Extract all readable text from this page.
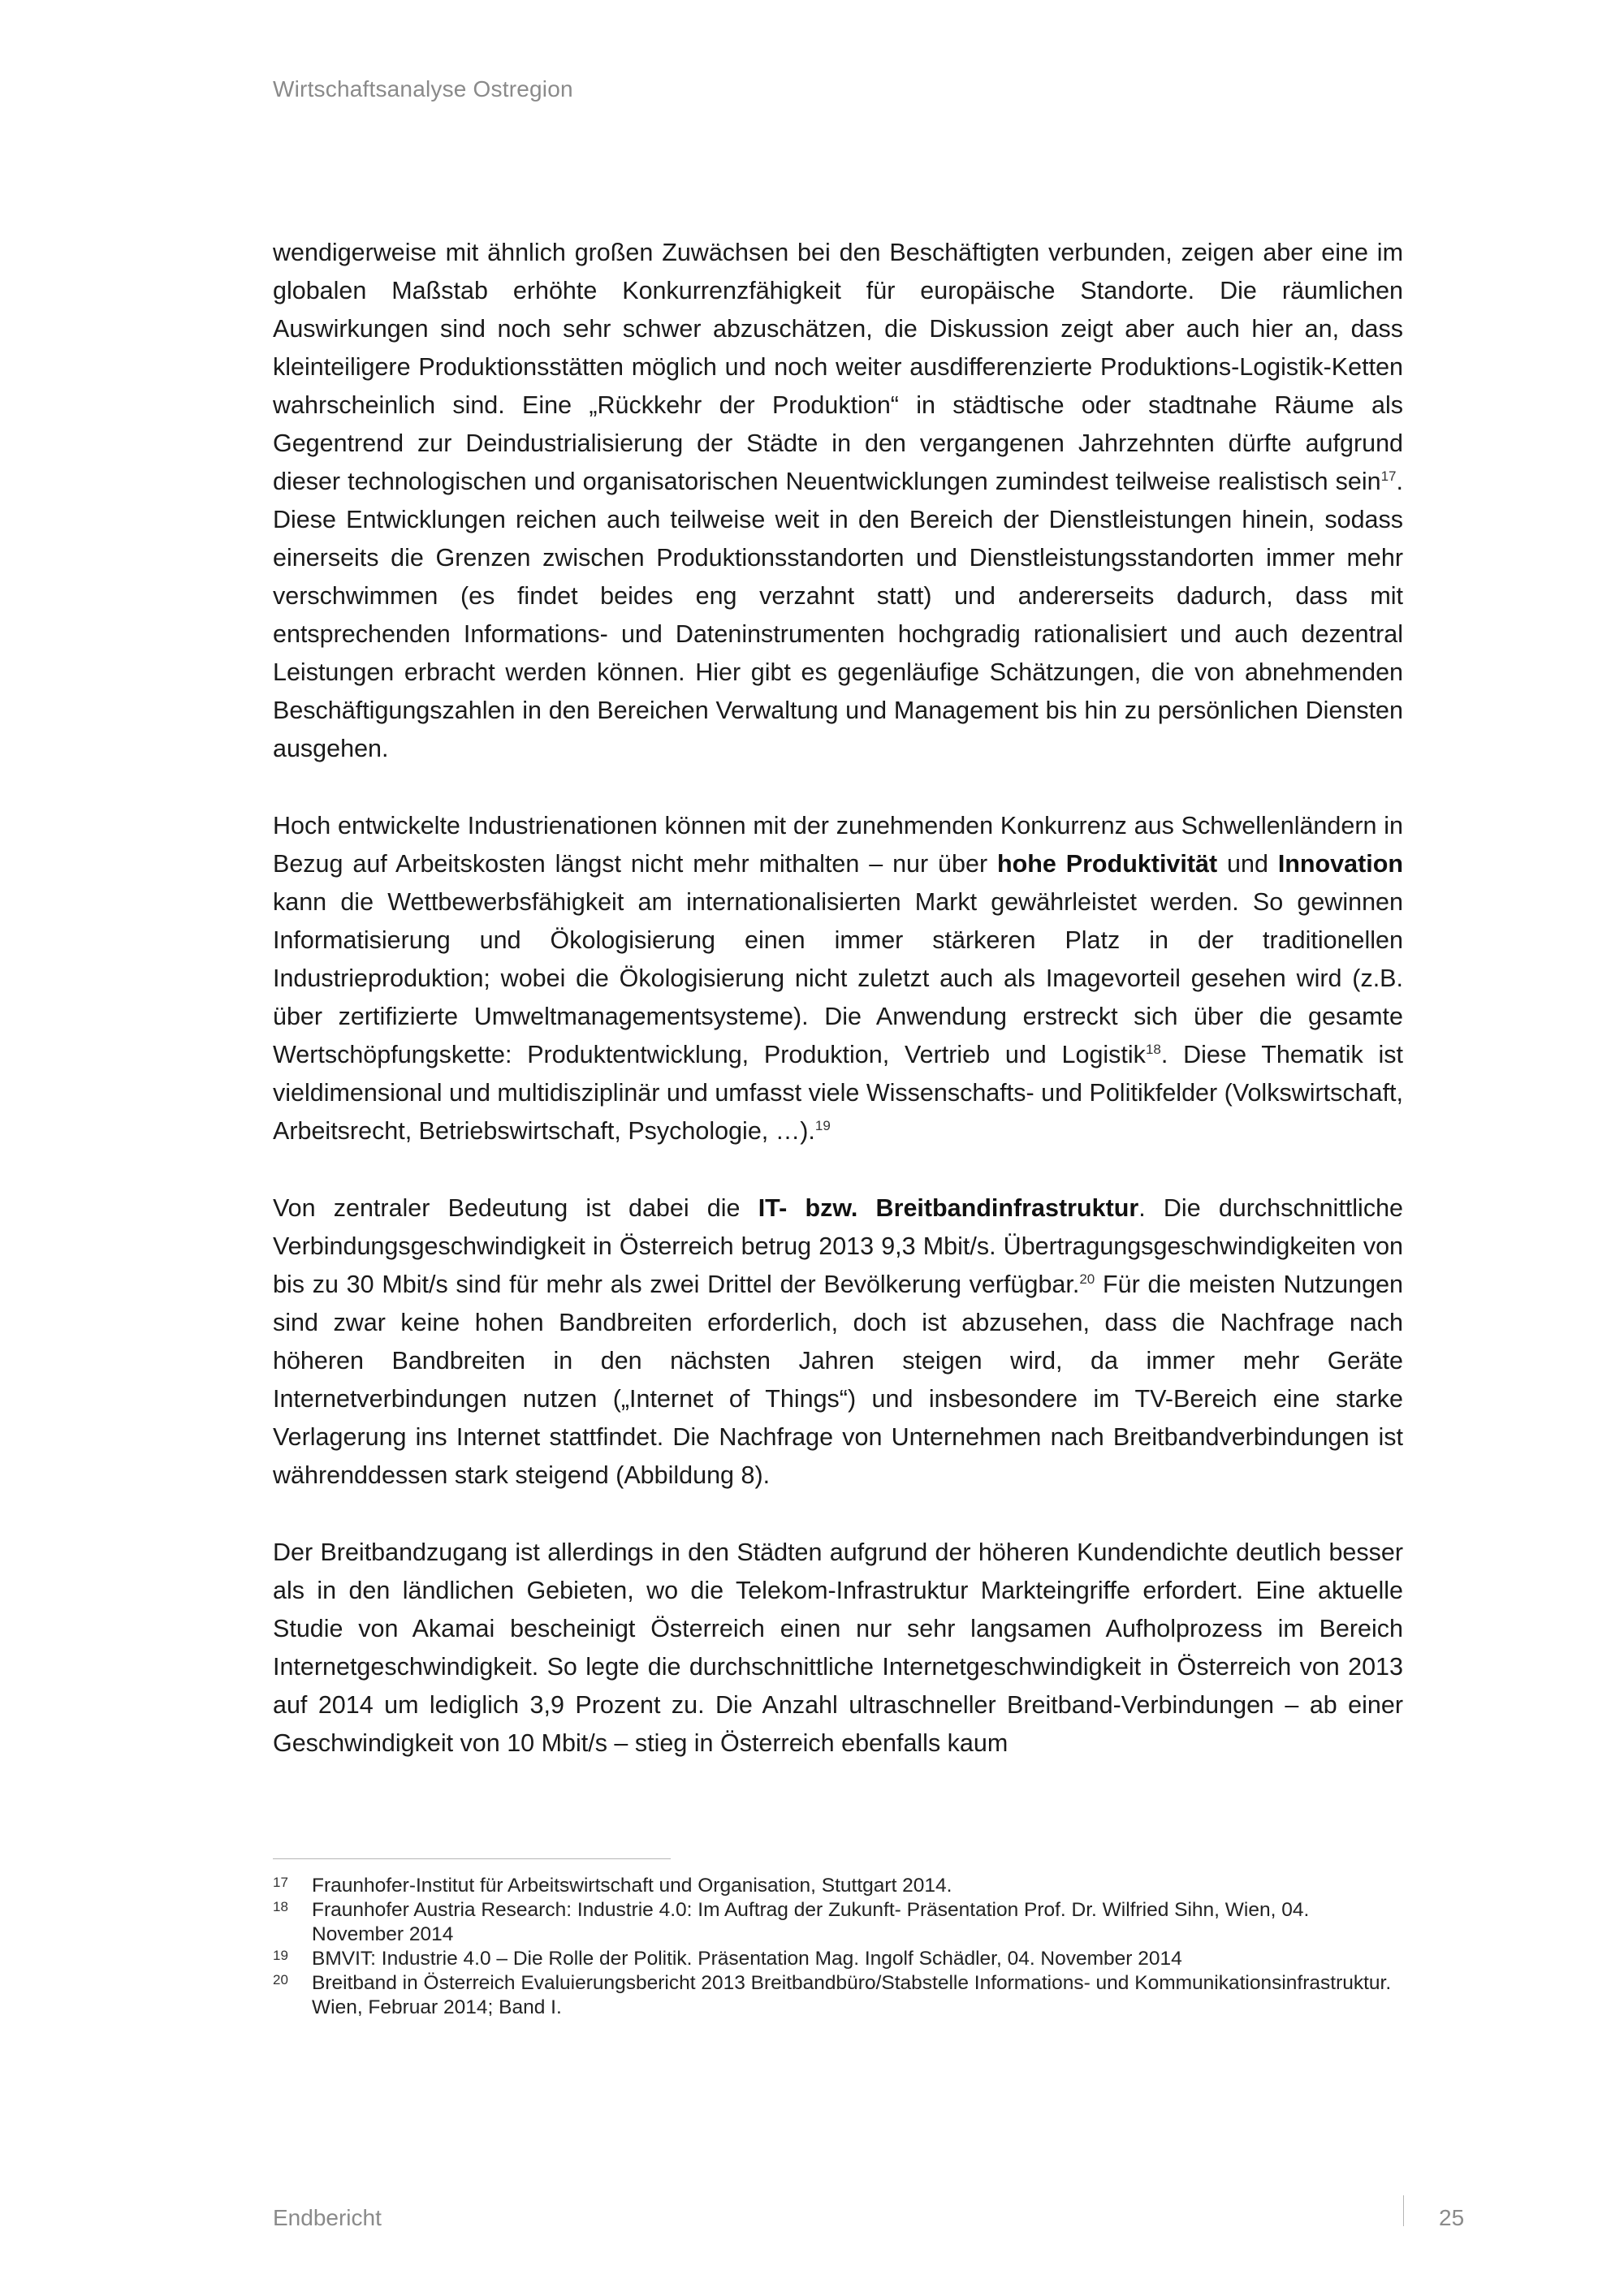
Wirtschaftsanalyse Ostregion

wendigerweise mit ähnlich großen Zuwächsen bei den Beschäftigten verbunden, zeigen aber eine im globalen Maßstab erhöhte Konkurrenzfähigkeit für europäische Standorte. Die räumlichen Auswirkungen sind noch sehr schwer abzuschätzen, die Diskussion zeigt aber auch hier an, dass kleinteiligere Produktionsstätten möglich und noch weiter ausdifferenzierte Produktions-Logistik-Ketten wahrscheinlich sind. Eine „Rückkehr der Produktion“ in städtische oder stadtnahe Räume als Gegentrend zur Deindustrialisierung der Städte in den vergangenen Jahrzehnten dürfte aufgrund dieser technologischen und organisatorischen Neuentwicklungen zumindest teilweise realistisch sein$^{17}$. Diese Entwicklungen reichen auch teilweise weit in den Bereich der Dienstleistungen hinein, sodass einerseits die Grenzen zwischen Produktionsstandorten und Dienstleistungsstandorten immer mehr verschwimmen (es findet beides eng verzahnt statt) und andererseits dadurch, dass mit entsprechenden Informations- und Dateninstrumenten hochgradig rationalisiert und auch dezentral Leistungen erbracht werden können. Hier gibt es gegenläufige Schätzungen, die von abnehmenden Beschäftigungszahlen in den Bereichen Verwaltung und Management bis hin zu persönlichen Diensten ausgehen.

Hoch entwickelte Industrienationen können mit der zunehmenden Konkurrenz aus Schwellenländern in Bezug auf Arbeitskosten längst nicht mehr mithalten – nur über hohe Produktivität und Innovation kann die Wettbewerbsfähigkeit am internationalisierten Markt gewährleistet werden. So gewinnen Informatisierung und Ökologisierung einen immer stärkeren Platz in der traditionellen Industrieproduktion; wobei die Ökologisierung nicht zuletzt auch als Imagevorteil gesehen wird (z.B. über zertifizierte Umweltmanagementsysteme). Die Anwendung erstreckt sich über die gesamte Wertschöpfungskette: Produktentwicklung, Produktion, Vertrieb und Logistik$^{18}$. Diese Thematik ist vieldimensional und multidisziplinär und umfasst viele Wissenschafts- und Politikfelder (Volkswirtschaft, Arbeitsrecht, Betriebswirtschaft, Psychologie, …).$^{19}$

Von zentraler Bedeutung ist dabei die IT- bzw. Breitbandinfrastruktur. Die durchschnittliche Verbindungsgeschwindigkeit in Österreich betrug 2013 9,3 Mbit/s. Übertragungsgeschwindigkeiten von bis zu 30 Mbit/s sind für mehr als zwei Drittel der Bevölkerung verfügbar.$^{20}$ Für die meisten Nutzungen sind zwar keine hohen Bandbreiten erforderlich, doch ist abzusehen, dass die Nachfrage nach höheren Bandbreiten in den nächsten Jahren steigen wird, da immer mehr Geräte Internetverbindungen nutzen („Internet of Things“) und insbesondere im TV-Bereich eine starke Verlagerung ins Internet stattfindet. Die Nachfrage von Unternehmen nach Breitbandverbindungen ist währenddessen stark steigend (Abbildung 8).

Der Breitbandzugang ist allerdings in den Städten aufgrund der höheren Kundendichte deutlich besser als in den ländlichen Gebieten, wo die Telekom-Infrastruktur Markteingriffe erfordert. Eine aktuelle Studie von Akamai bescheinigt Österreich einen nur sehr langsamen Aufholprozess im Bereich Internetgeschwindigkeit. So legte die durchschnittliche Internetgeschwindigkeit in Österreich von 2013 auf 2014 um lediglich 3,9 Prozent zu. Die Anzahl ultraschneller Breitband-Verbindungen – ab einer Geschwindigkeit von 10 Mbit/s – stieg in Österreich ebenfalls kaum

17 Fraunhofer-Institut für Arbeitswirtschaft und Organisation, Stuttgart 2014.
18 Fraunhofer Austria Research: Industrie 4.0: Im Auftrag der Zukunft- Präsentation Prof. Dr. Wilfried Sihn, Wien, 04. November 2014
19 BMVIT: Industrie 4.0 – Die Rolle der Politik. Präsentation Mag. Ingolf Schädler, 04. November 2014
20 Breitband in Österreich Evaluierungsbericht 2013 Breitbandbüro/Stabstelle Informations- und Kommunikationsinfrastruktur. Wien, Februar 2014; Band I.
Endbericht	25
